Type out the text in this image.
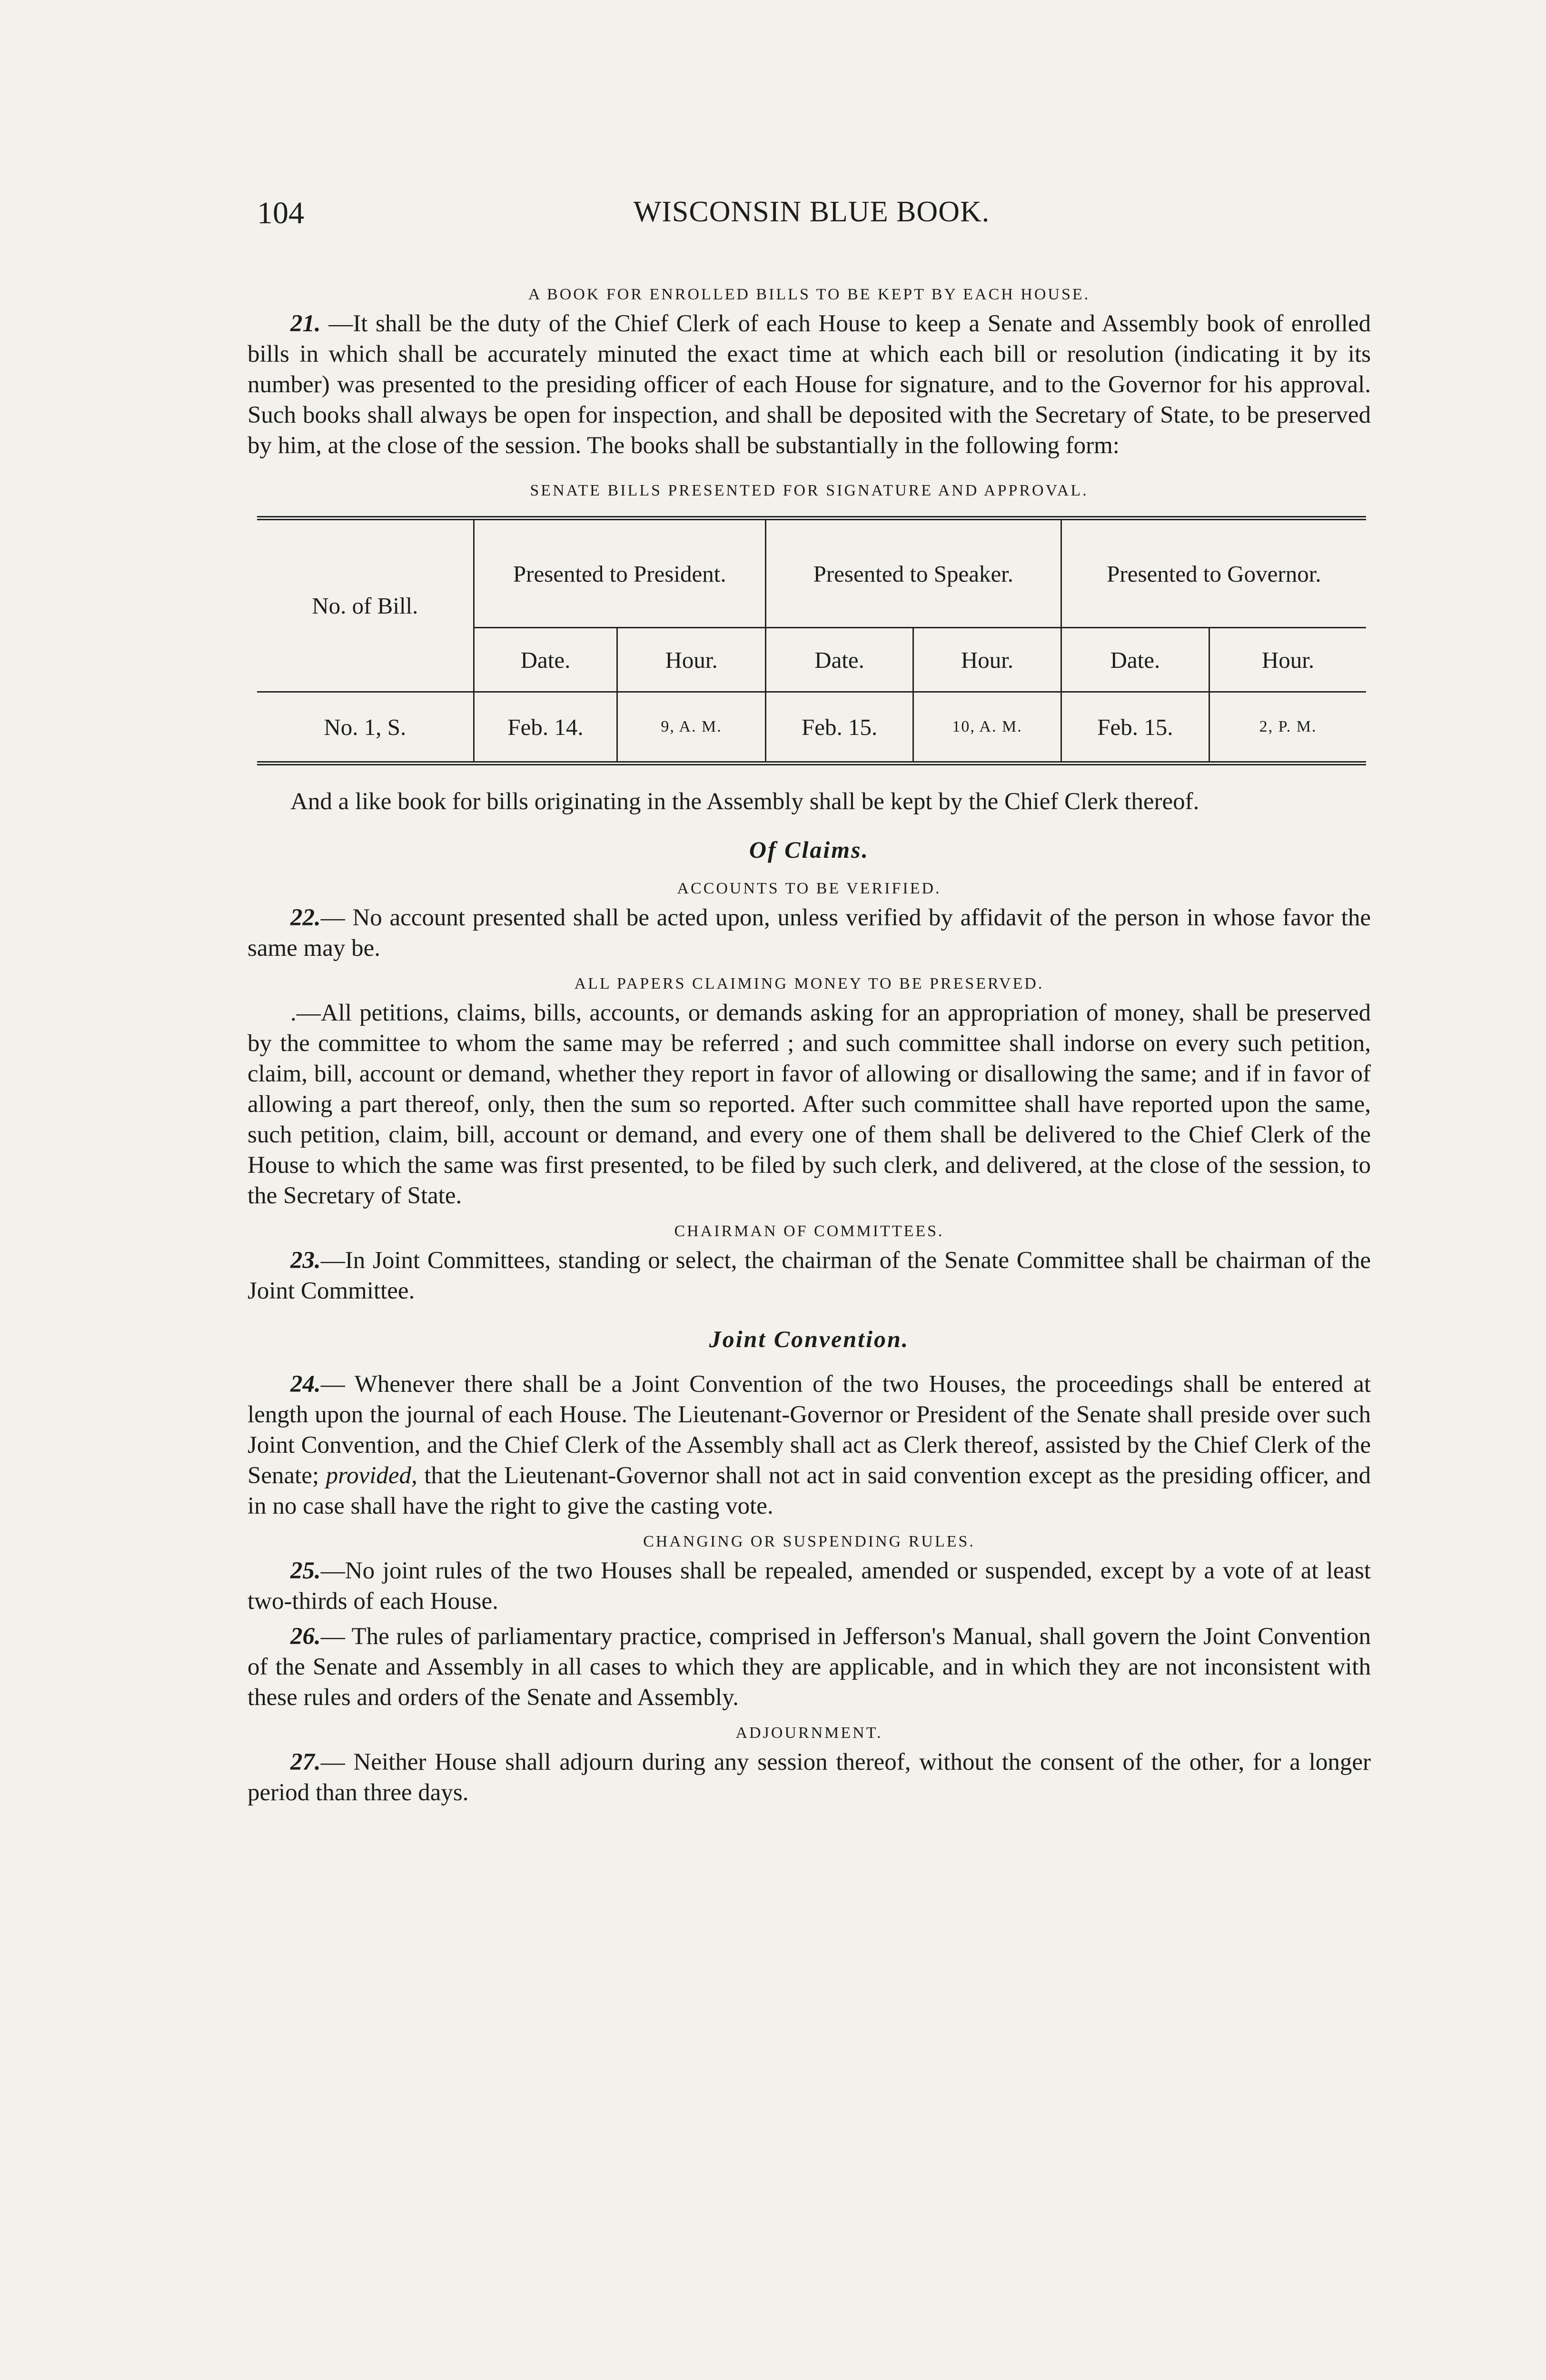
104	WISCONSIN BLUE BOOK.
A BOOK FOR ENROLLED BILLS TO BE KEPT BY EACH HOUSE.

21. —It shall be the duty of the Chief Clerk of each House to keep a Senate and Assembly book of enrolled bills in which shall be accurately minuted the exact time at which each bill or resolution (indicating it by its number) was presented to the presiding officer of each House for signature, and to the Governor for his approval. Such books shall always be open for inspection, and shall be deposited with the Secretary of State, to be preserved by him, at the close of the session. The books shall be substantially in the following form:

SENATE BILLS PRESENTED FOR SIGNATURE AND APPROVAL.
No. of Bill.	Presented to President.		Presented to Speaker.		Presented to Governor.	
	Date.	Hour.	Date.	Hour.	Date.	Hour.
No. 1, S.	Feb. 14.	9, A. M.	Feb. 15.	10, A. M.	Feb. 15.	2, P. M.

And a like book for bills originating in the Assembly shall be kept by the Chief Clerk thereof.

Of Claims.
ACCOUNTS TO BE VERIFIED.

22.— No account presented shall be acted upon, unless verified by affidavit of the person in whose favor the same may be.

ALL PAPERS CLAIMING MONEY TO BE PRESERVED.

.—All petitions, claims, bills, accounts, or demands asking for an appropriation of money, shall be preserved by the committee to whom the same may be referred ; and such committee shall indorse on every such petition, claim, bill, account or demand, whether they report in favor of allowing or disallowing the same; and if in favor of allowing a part thereof, only, then the sum so reported. After such committee shall have reported upon the same, such petition, claim, bill, account or demand, and every one of them shall be delivered to the Chief Clerk of the House to which the same was first presented, to be filed by such clerk, and delivered, at the close of the session, to the Secretary of State.

CHAIRMAN OF COMMITTEES.

23.—In Joint Committees, standing or select, the chairman of the Senate Committee shall be chairman of the Joint Committee.

Joint Convention.

24.— Whenever there shall be a Joint Convention of the two Houses, the proceedings shall be entered at length upon the journal of each House. The Lieutenant-Governor or President of the Senate shall preside over such Joint Convention, and the Chief Clerk of the Assembly shall act as Clerk thereof, assisted by the Chief Clerk of the Senate; provided, that the Lieutenant-Governor shall not act in said convention except as the presiding officer, and in no case shall have the right to give the casting vote.

CHANGING OR SUSPENDING RULES.

25.—No joint rules of the two Houses shall be repealed, amended or suspended, except by a vote of at least two-thirds of each House.

26.— The rules of parliamentary practice, comprised in Jefferson's Manual, shall govern the Joint Convention of the Senate and Assembly in all cases to which they are applicable, and in which they are not inconsistent with these rules and orders of the Senate and Assembly.

ADJOURNMENT.

27.— Neither House shall adjourn during any session thereof, without the consent of the other, for a longer period than three days.
